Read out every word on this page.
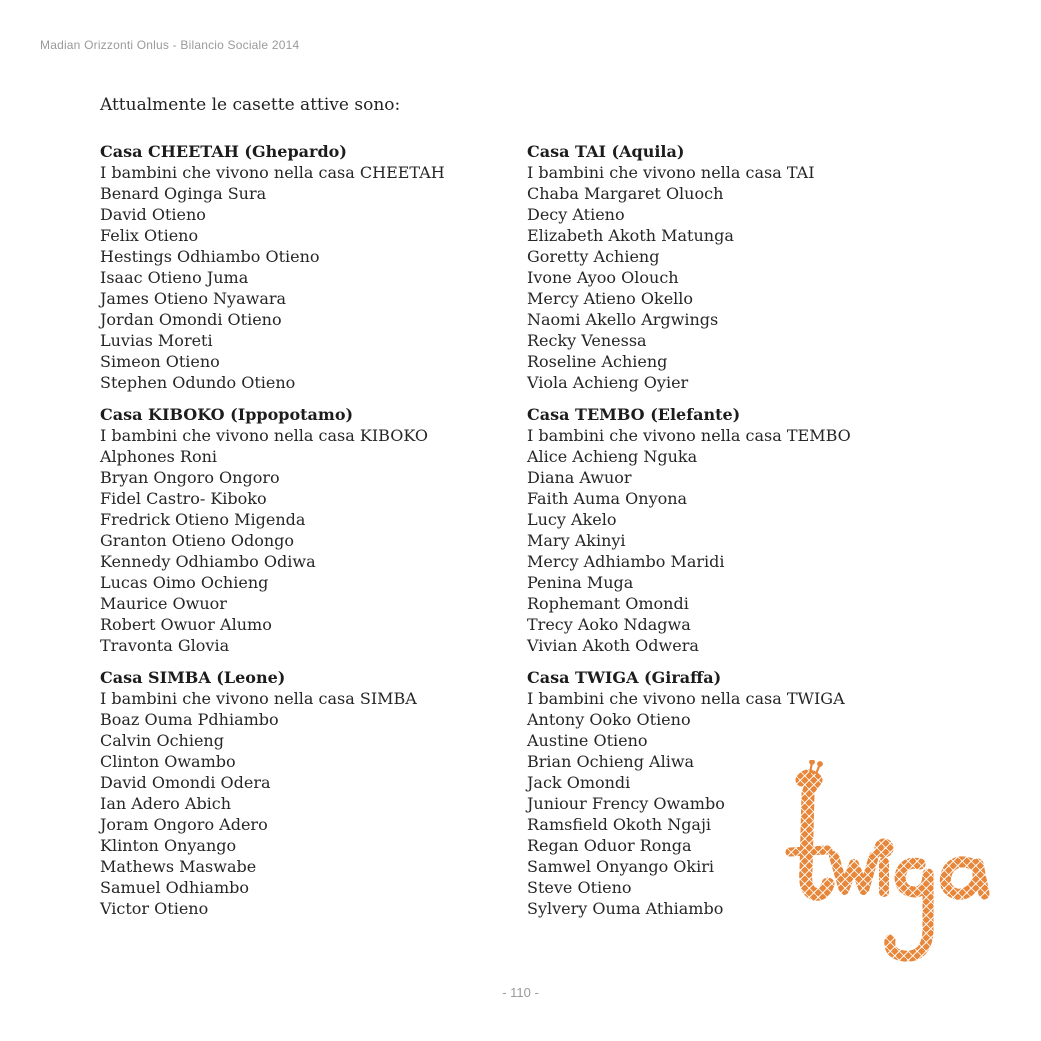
Madian Orizzonti Onlus - Bilancio Sociale 2014
Attualmente le casette attive sono:
Casa CHEETAH (Ghepardo)
I bambini che vivono nella casa CHEETAH
Benard Oginga Sura
David Otieno
Felix Otieno
Hestings Odhiambo Otieno
Isaac Otieno Juma
James Otieno Nyawara
Jordan Omondi Otieno
Luvias Moreti
Simeon Otieno
Stephen Odundo Otieno
Casa KIBOKO (Ippopotamo)
I bambini che vivono nella casa KIBOKO
Alphones Roni
Bryan Ongoro Ongoro
Fidel Castro- Kiboko
Fredrick Otieno Migenda
Granton Otieno Odongo
Kennedy Odhiambo Odiwa
Lucas Oimo Ochieng
Maurice Owuor
Robert Owuor Alumo
Travonta Glovia
Casa SIMBA (Leone)
I bambini che vivono nella casa SIMBA
Boaz Ouma Pdhiambo
Calvin Ochieng
Clinton Owambo
David Omondi Odera
Ian Adero Abich
Joram Ongoro Adero
Klinton Onyango
Mathews Maswabe
Samuel Odhiambo
Victor Otieno
Casa TAI (Aquila)
I bambini che vivono nella casa TAI
Chaba Margaret Oluoch
Decy Atieno
Elizabeth Akoth Matunga
Goretty Achieng
Ivone Ayoo Olouch
Mercy Atieno Okello
Naomi Akello Argwings
Recky Venessa
Roseline Achieng
Viola Achieng Oyier
Casa TEMBO (Elefante)
I bambini che vivono nella casa TEMBO
Alice Achieng Nguka
Diana Awuor
Faith Auma Onyona
Lucy Akelo
Mary Akinyi
Mercy Adhiambo Maridi
Penina Muga
Rophemant Omondi
Trecy Aoko Ndagwa
Vivian Akoth Odwera
Casa TWIGA (Giraffa)
I bambini che vivono nella casa TWIGA
Antony Ooko Otieno
Austine Otieno
Brian Ochieng Aliwa
Jack Omondi
Juniour Frency Owambo
Ramsfield Okoth Ngaji
Regan Oduor Ronga
Samwel Onyango Okiri
Steve Otieno
Sylvery Ouma Athiambo
- 110 -
